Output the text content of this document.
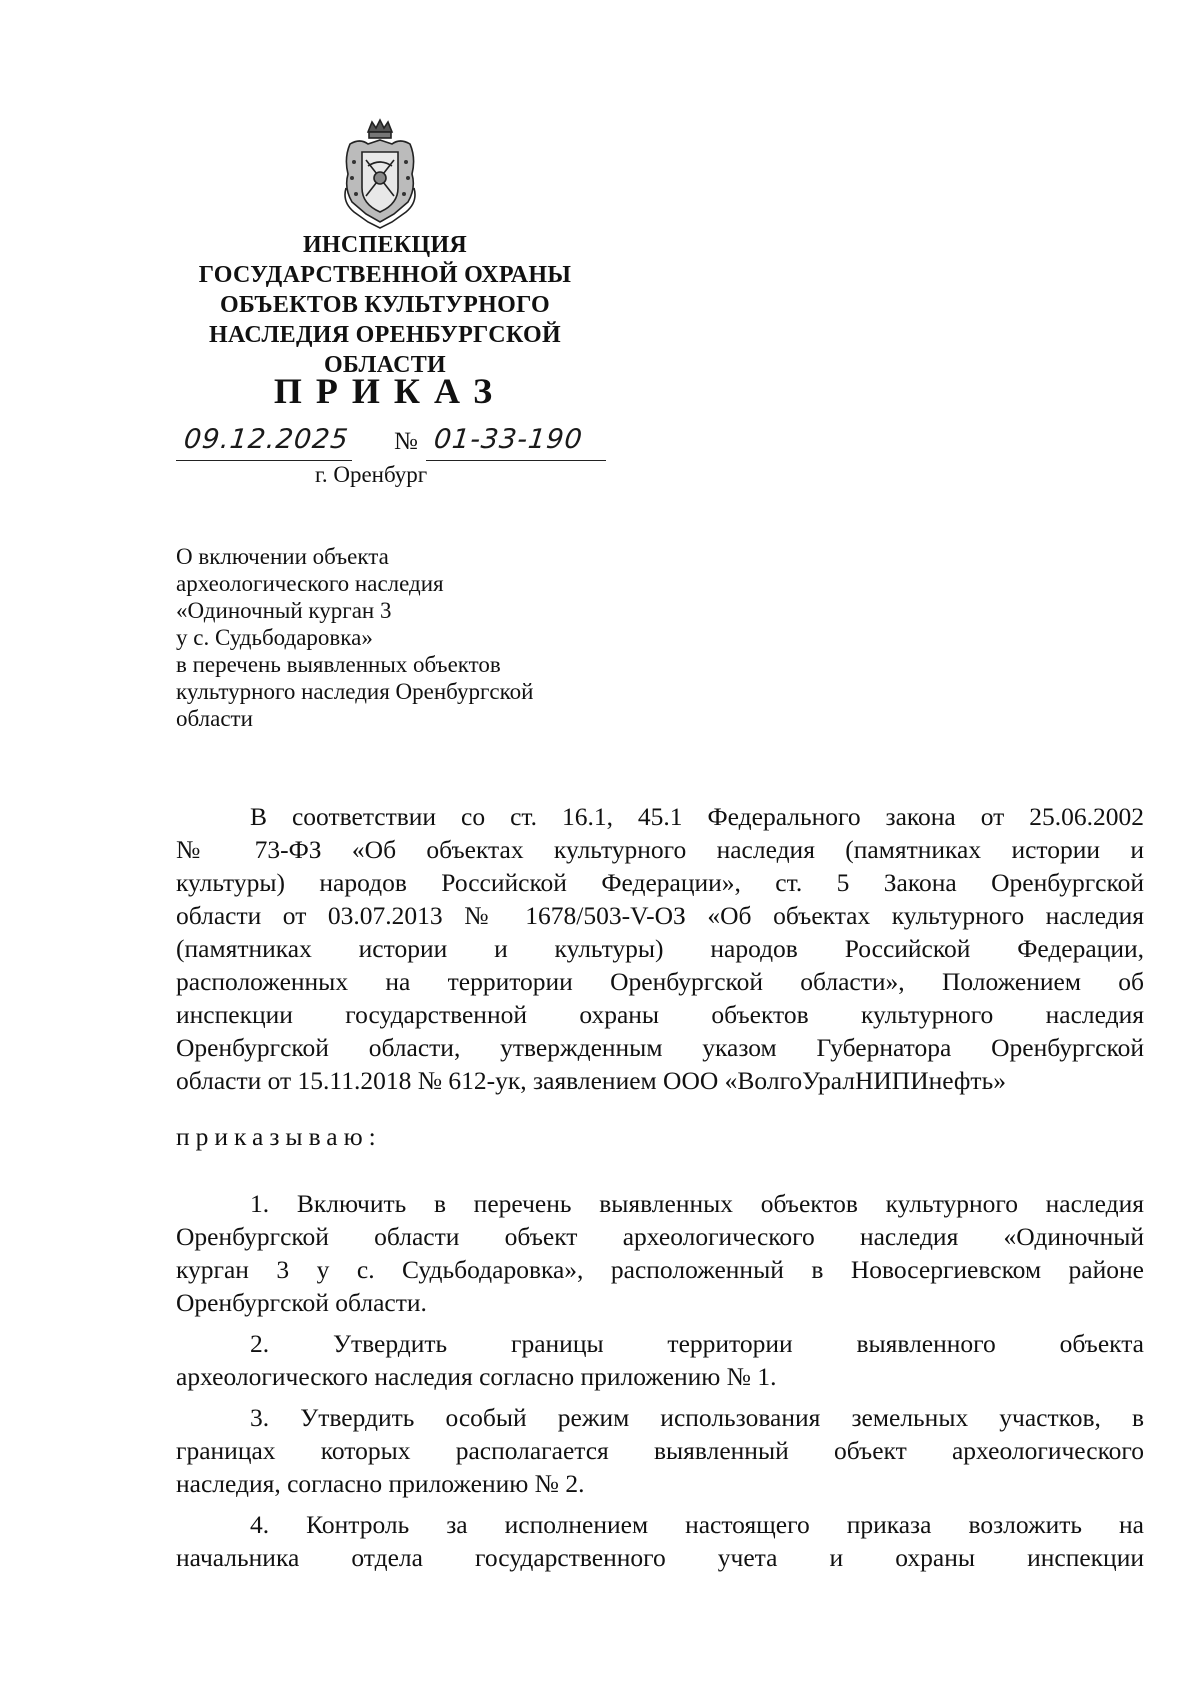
ИНСПЕКЦИЯ
ГОСУДАРСТВЕННОЙ ОХРАНЫ
ОБЪЕКТОВ КУЛЬТУРНОГО
НАСЛЕДИЯ ОРЕНБУРГСКОЙ
ОБЛАСТИ
ПРИКАЗ
09.12.2025 № 01-33-190
г. Оренбург
О включении объекта
археологического наследия
«Одиночный курган 3
у с. Судьбодаровка»
в перечень выявленных объектов
культурного наследия Оренбургской
области
В соответствии со ст. 16.1, 45.1 Федерального закона от 25.06.2002
№ 73-ФЗ «Об объектах культурного наследия (памятниках истории и
культуры) народов Российской Федерации», ст. 5 Закона Оренбургской
области от 03.07.2013 № 1678/503-V-ОЗ «Об объектах культурного наследия
(памятниках истории и культуры) народов Российской Федерации,
расположенных на территории Оренбургской области», Положением об
инспекции государственной охраны объектов культурного наследия
Оренбургской области, утвержденным указом Губернатора Оренбургской
области от 15.11.2018 № 612-ук, заявлением ООО «ВолгоУралНИПИнефть»
приказываю:
1. Включить в перечень выявленных объектов культурного наследия
Оренбургской области объект археологического наследия «Одиночный
курган 3 у с. Судьбодаровка», расположенный в Новосергиевском районе
Оренбургской области.
2. Утвердить границы территории выявленного объекта
археологического наследия согласно приложению № 1.
3. Утвердить особый режим использования земельных участков, в
границах которых располагается выявленный объект археологического
наследия, согласно приложению № 2.
4. Контроль за исполнением настоящего приказа возложить на
начальника отдела государственного учета и охраны инспекции
